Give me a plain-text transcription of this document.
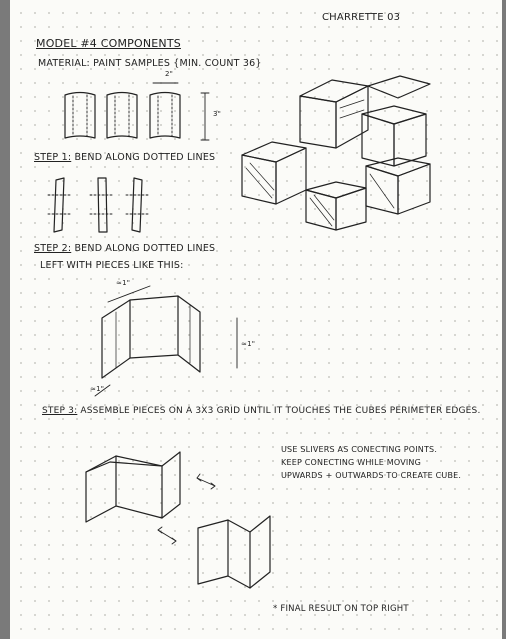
CHARRETTE 03
MODEL #4 COMPONENTS
MATERIAL: PAINT SAMPLES {MIN. COUNT 36}
2"
3"
≈1"
≈1"
≈1"
STEP 1: BEND ALONG DOTTED LINES
STEP 2: BEND ALONG DOTTED LINES
LEFT WITH PIECES LIKE THIS:
STEP 3: ASSEMBLE PIECES ON A 3X3 GRID UNTIL IT TOUCHES THE CUBES PERIMETER EDGES.
USE SLIVERS AS CONECTING POINTS.
KEEP CONECTING WHILE MOVING
UPWARDS + OUTWARDS TO CREATE CUBE.
* FINAL RESULT ON TOP RIGHT
